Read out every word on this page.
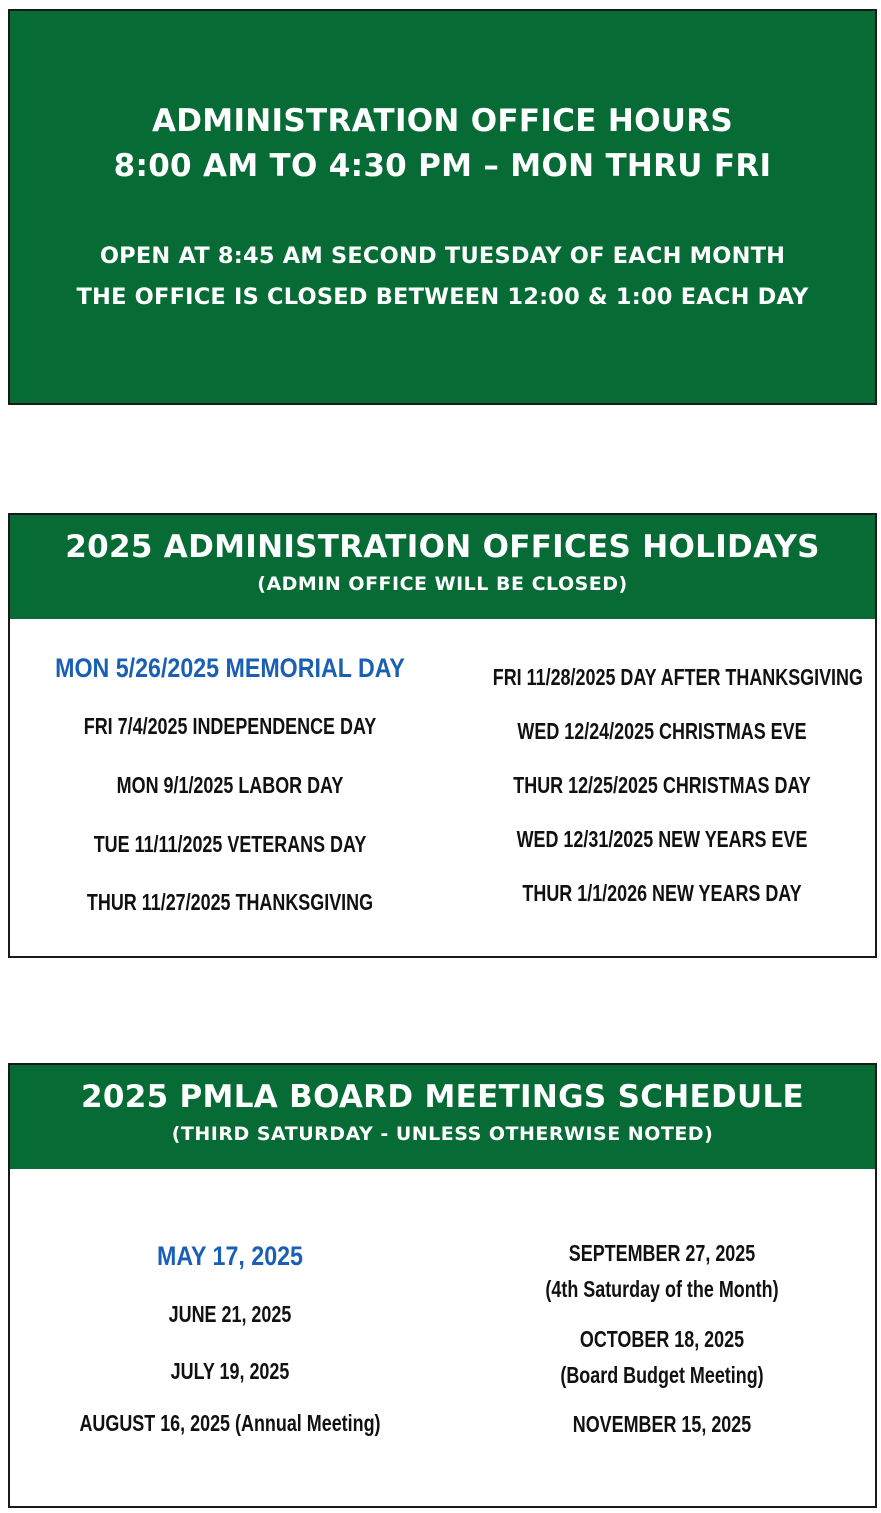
ADMINISTRATION OFFICE HOURS
8:00 AM TO 4:30 PM – MON THRU FRI
OPEN AT 8:45 AM SECOND TUESDAY OF EACH MONTH
THE OFFICE IS CLOSED BETWEEN 12:00 & 1:00 EACH DAY
2025 ADMINISTRATION OFFICES HOLIDAYS
(ADMIN OFFICE WILL BE CLOSED)
MON 5/26/2025 MEMORIAL DAY
FRI 7/4/2025 INDEPENDENCE DAY
MON 9/1/2025 LABOR DAY
TUE 11/11/2025 VETERANS DAY
THUR 11/27/2025 THANKSGIVING
FRI 11/28/2025 DAY AFTER THANKSGIVING
WED 12/24/2025 CHRISTMAS EVE
THUR 12/25/2025 CHRISTMAS DAY
WED 12/31/2025 NEW YEARS EVE
THUR 1/1/2026 NEW YEARS DAY
2025 PMLA BOARD MEETINGS SCHEDULE
(THIRD SATURDAY - UNLESS OTHERWISE NOTED)
MAY 17, 2025
JUNE 21, 2025
JULY 19, 2025
AUGUST 16, 2025 (Annual Meeting)
SEPTEMBER 27, 2025
(4th Saturday of the Month)
OCTOBER 18, 2025
(Board Budget Meeting)
NOVEMBER 15, 2025
